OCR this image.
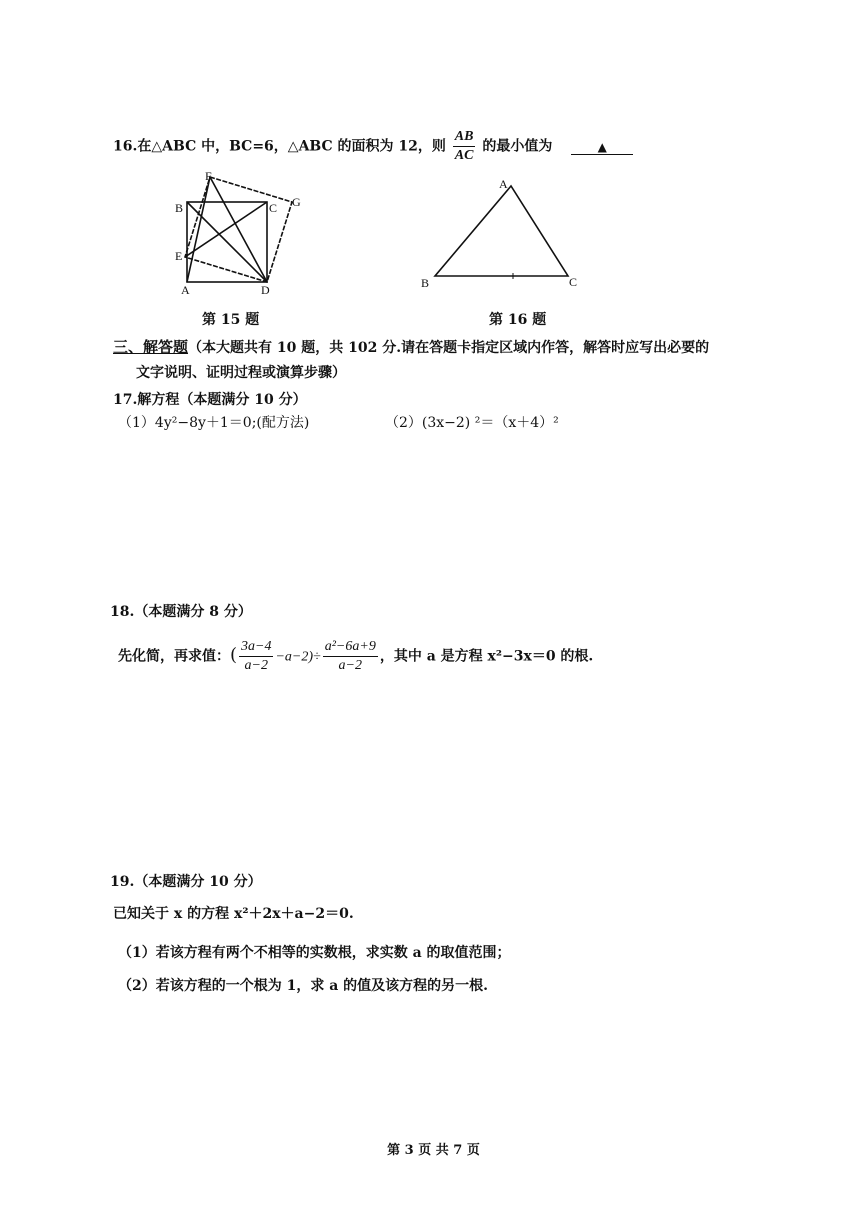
16.在△ABC 中，BC=6，△ABC 的面积为 12，则 $\frac{AB}{AC}$ 的最小值为	▲
B	C
F
G
E
A	D
A
B	C
第 15 题	第 16 题
三、解答题（本大题共有 10 题，共 102 分.请在答题卡指定区域内作答，解答时应写出必要的
文字说明、证明过程或演算步骤）
17.解方程（本题满分 10 分）
（1）4y²−8y＋1＝0;(配方法)	（2）(3x−2) ²＝（x＋4）²
18.（本题满分 8 分）
先化简，再求值：( $\frac{3a-4}{a-2} -a-2)\div \frac{\text{a²−6a+9}}{a-2}$ ，其中 a 是方程 x²−3x＝0 的根.
19.（本题满分 10 分）
已知关于 x 的方程 x²＋2x＋a−2＝0.
（1）若该方程有两个不相等的实数根，求实数 a 的取值范围；
（2）若该方程的一个根为 1，求 a 的值及该方程的另一根.
第 3 页 共 7 页
